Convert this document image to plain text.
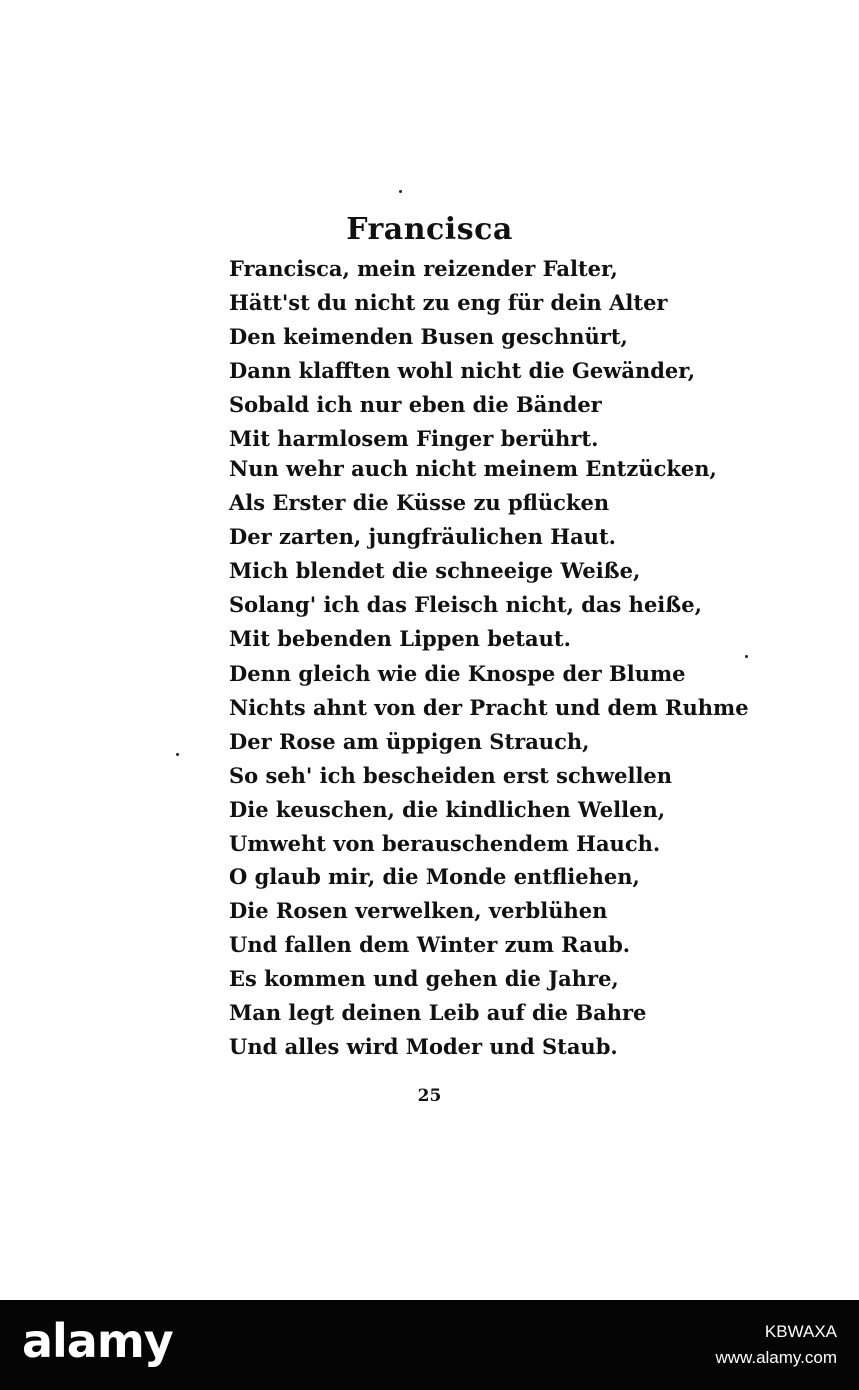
Francisca
Francisca, mein reizender Falter,
Hätt'st du nicht zu eng für dein Alter
Den keimenden Busen geschnürt,
Dann klafften wohl nicht die Gewänder,
Sobald ich nur eben die Bänder
Mit harmlosem Finger berührt.
Nun wehr auch nicht meinem Entzücken,
Als Erster die Küsse zu pflücken
Der zarten, jungfräulichen Haut.
Mich blendet die schneeige Weiße,
Solang' ich das Fleisch nicht, das heiße,
Mit bebenden Lippen betaut.
Denn gleich wie die Knospe der Blume
Nichts ahnt von der Pracht und dem Ruhme
Der Rose am üppigen Strauch,
So seh' ich bescheiden erst schwellen
Die keuschen, die kindlichen Wellen,
Umweht von berauschendem Hauch.
O glaub mir, die Monde entfliehen,
Die Rosen verwelken, verblühen
Und fallen dem Winter zum Raub.
Es kommen und gehen die Jahre,
Man legt deinen Leib auf die Bahre
Und alles wird Moder und Staub.
25
alamy	KBWAXA
www.alamy.com
